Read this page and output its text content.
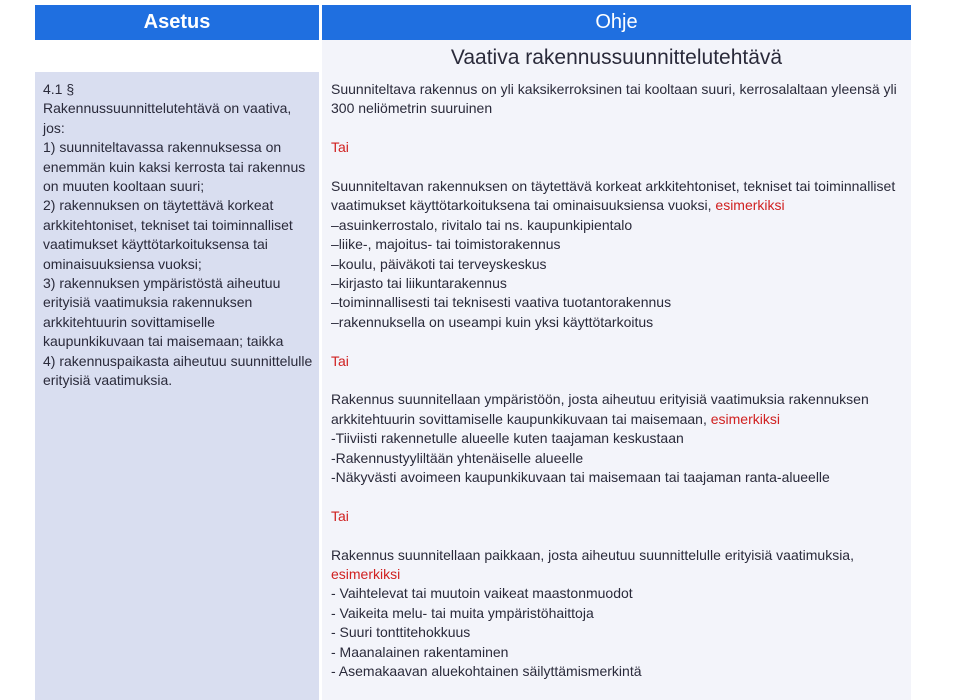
Asetus	Ohje
4.1 §
Rakennussuunnittelutehtävä on vaativa, jos:
1) suunniteltavassa rakennuksessa on enemmän kuin kaksi kerrosta tai rakennus on muuten kooltaan suuri;
2) rakennuksen on täytettävä korkeat arkkitehtoniset, tekniset tai toiminnalliset vaatimukset käyttötarkoituksensa tai ominaisuuksiensa vuoksi;
3) rakennuksen ympäristöstä aiheutuu erityisiä vaatimuksia rakennuksen arkkitehtuurin sovittamiselle kaupunkikuvaan tai maisemaan; taikka
4) rakennuspaikasta aiheutuu suunnittelulle erityisiä vaatimuksia.
Vaativa rakennussuunnittelutehtävä

Suunniteltava rakennus on yli kaksikerroksinen tai kooltaan suuri, kerrosalaltaan yleensä yli 300 neliömetrin suuruinen

Tai

Suunniteltavan rakennuksen on täytettävä korkeat arkkitehtoniset, tekniset tai toiminnalliset vaatimukset käyttötarkoituksena tai ominaisuuksiensa vuoksi, esimerkiksi

–asuinkerrostalo, rivitalo tai ns. kaupunkipientalo

–liike-, majoitus- tai toimistorakennus

–koulu, päiväkoti tai terveyskeskus

–kirjasto tai liikuntarakennus

–toiminnallisesti tai teknisesti vaativa tuotantorakennus

–rakennuksella on useampi kuin yksi käyttötarkoitus

Tai

Rakennus suunnitellaan ympäristöön, josta aiheutuu erityisiä vaatimuksia rakennuksen arkkitehtuurin sovittamiselle kaupunkikuvaan tai maisemaan, esimerkiksi

-Tiiviisti rakennetulle alueelle kuten taajaman keskustaan

-Rakennustyyliltään yhtenäiselle alueelle

-Näkyvästi avoimeen kaupunkikuvaan tai maisemaan tai taajaman ranta-alueelle

Tai

Rakennus suunnitellaan paikkaan, josta aiheutuu suunnittelulle erityisiä vaatimuksia,

esimerkiksi

- Vaihtelevat tai muutoin vaikeat maastonmuodot

- Vaikeita melu- tai muita ympäristöhaittoja

- Suuri tonttitehokkuus

- Maanalainen rakentaminen

- Asemakaavan aluekohtainen säilyttämismerkintä
